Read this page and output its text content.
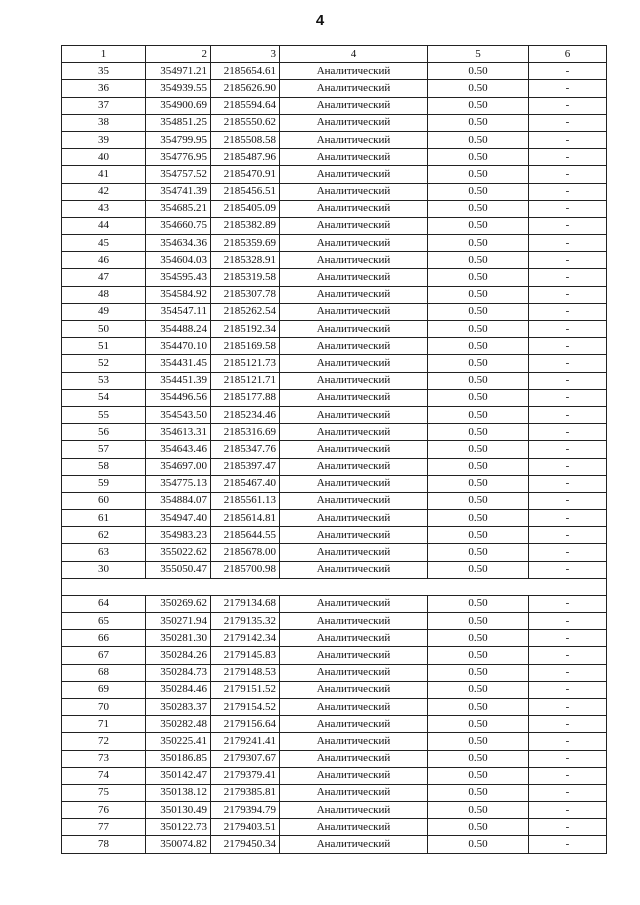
4
1	2	3	4	5	6
35	354971.21	2185654.61	Аналитический	0.50	-
36	354939.55	2185626.90	Аналитический	0.50	-
37	354900.69	2185594.64	Аналитический	0.50	-
38	354851.25	2185550.62	Аналитический	0.50	-
39	354799.95	2185508.58	Аналитический	0.50	-
40	354776.95	2185487.96	Аналитический	0.50	-
41	354757.52	2185470.91	Аналитический	0.50	-
42	354741.39	2185456.51	Аналитический	0.50	-
43	354685.21	2185405.09	Аналитический	0.50	-
44	354660.75	2185382.89	Аналитический	0.50	-
45	354634.36	2185359.69	Аналитический	0.50	-
46	354604.03	2185328.91	Аналитический	0.50	-
47	354595.43	2185319.58	Аналитический	0.50	-
48	354584.92	2185307.78	Аналитический	0.50	-
49	354547.11	2185262.54	Аналитический	0.50	-
50	354488.24	2185192.34	Аналитический	0.50	-
51	354470.10	2185169.58	Аналитический	0.50	-
52	354431.45	2185121.73	Аналитический	0.50	-
53	354451.39	2185121.71	Аналитический	0.50	-
54	354496.56	2185177.88	Аналитический	0.50	-
55	354543.50	2185234.46	Аналитический	0.50	-
56	354613.31	2185316.69	Аналитический	0.50	-
57	354643.46	2185347.76	Аналитический	0.50	-
58	354697.00	2185397.47	Аналитический	0.50	-
59	354775.13	2185467.40	Аналитический	0.50	-
60	354884.07	2185561.13	Аналитический	0.50	-
61	354947.40	2185614.81	Аналитический	0.50	-
62	354983.23	2185644.55	Аналитический	0.50	-
63	355022.62	2185678.00	Аналитический	0.50	-
30	355050.47	2185700.98	Аналитический	0.50	-

64	350269.62	2179134.68	Аналитический	0.50	-
65	350271.94	2179135.32	Аналитический	0.50	-
66	350281.30	2179142.34	Аналитический	0.50	-
67	350284.26	2179145.83	Аналитический	0.50	-
68	350284.73	2179148.53	Аналитический	0.50	-
69	350284.46	2179151.52	Аналитический	0.50	-
70	350283.37	2179154.52	Аналитический	0.50	-
71	350282.48	2179156.64	Аналитический	0.50	-
72	350225.41	2179241.41	Аналитический	0.50	-
73	350186.85	2179307.67	Аналитический	0.50	-
74	350142.47	2179379.41	Аналитический	0.50	-
75	350138.12	2179385.81	Аналитический	0.50	-
76	350130.49	2179394.79	Аналитический	0.50	-
77	350122.73	2179403.51	Аналитический	0.50	-
78	350074.82	2179450.34	Аналитический	0.50	-
